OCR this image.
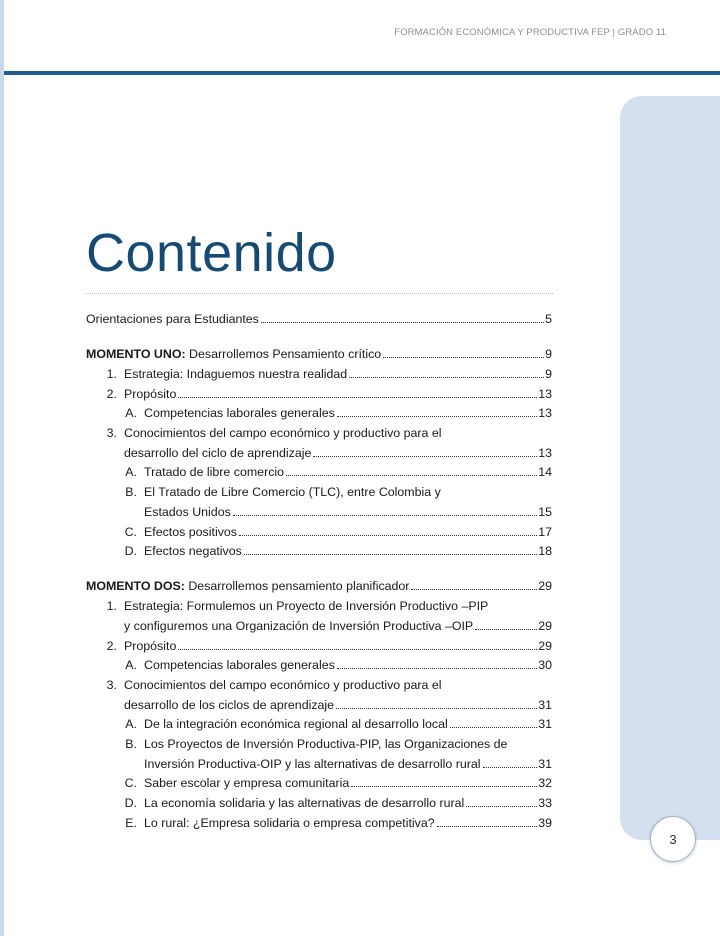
FORMACIÓN ECONÓMICA Y PRODUCTIVA FEP | GRADO 11
3
Contenido
Orientaciones para Estudiantes	5
MOMENTO UNO: Desarrollemos Pensamiento crítico	9
1. Estrategia: Indaguemos nuestra realidad	9
2. Propósito	13
A. Competencias laborales generales	13
3. Conocimientos del campo económico y productivo para el
desarrollo del ciclo de aprendizaje	13
A. Tratado de libre comercio	14
B. El Tratado de Libre Comercio (TLC), entre Colombia y
Estados Unidos	15
C. Efectos positivos	17
D. Efectos negativos	18
MOMENTO DOS: Desarrollemos pensamiento planificador	29
1. Estrategia: Formulemos un Proyecto de Inversión Productivo –PIP
y configuremos una Organización de Inversión Productiva –OIP	29
2. Propósito	29
A. Competencias laborales generales	30
3. Conocimientos del campo económico y productivo para el
desarrollo de los ciclos de aprendizaje	31
A. De la integración económica regional al desarrollo local	31
B. Los Proyectos de Inversión Productiva-PIP, las Organizaciones de
Inversión Productiva-OIP y las alternativas de desarrollo rural	31
C. Saber escolar y empresa comunitaria	32
D. La economía solidaria y las alternativas de desarrollo rural	33
E. Lo rural: ¿Empresa solidaria o empresa competitiva?	39
